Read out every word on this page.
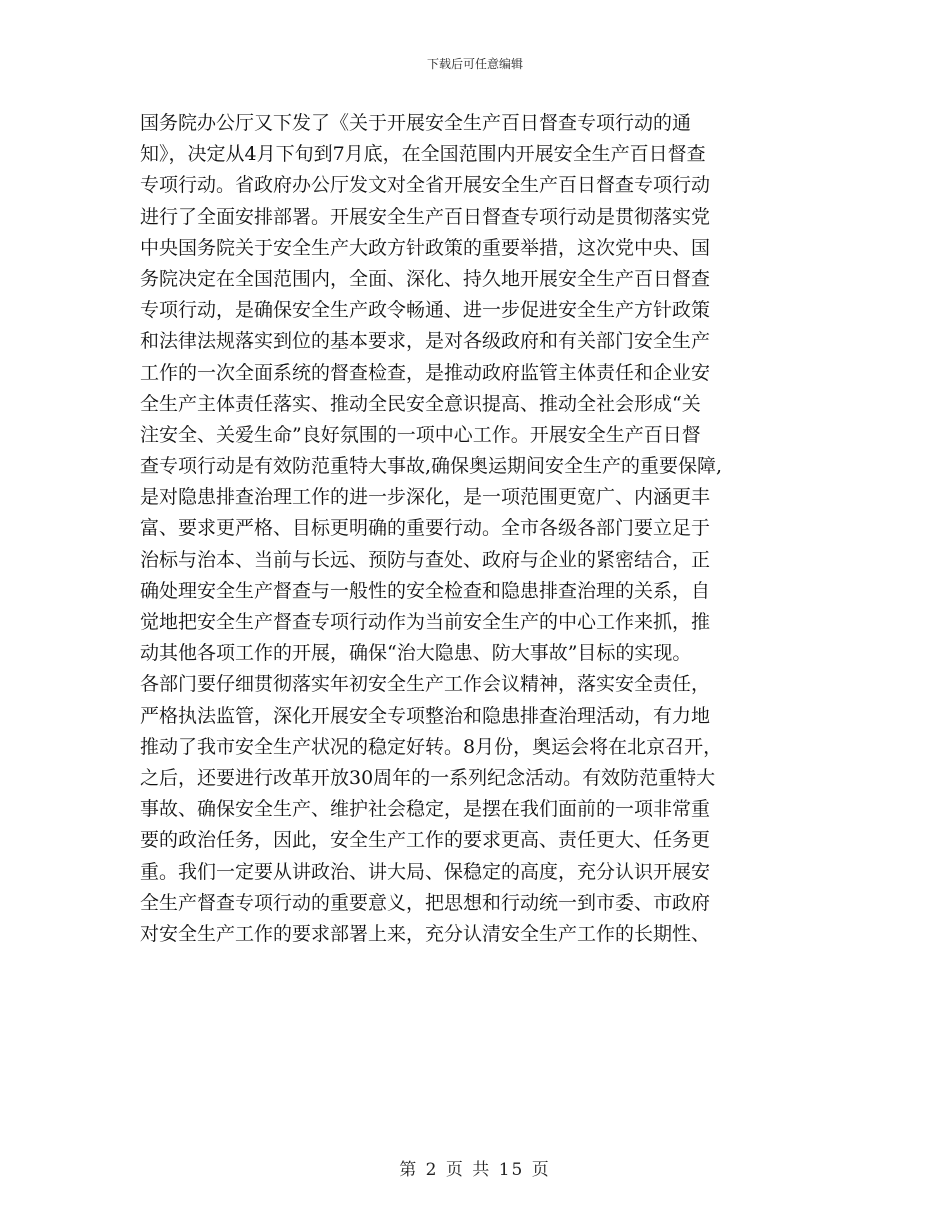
下载后可任意编辑
国务院办公厅又下发了《关于开展安全生产百日督查专项行动的通
知》，决定从4月下旬到7月底，在全国范围内开展安全生产百日督查
专项行动。省政府办公厅发文对全省开展安全生产百日督查专项行动
进行了全面安排部署。开展安全生产百日督查专项行动是贯彻落实党
中央国务院关于安全生产大政方针政策的重要举措，这次党中央、国
务院决定在全国范围内，全面、深化、持久地开展安全生产百日督查
专项行动，是确保安全生产政令畅通、进一步促进安全生产方针政策
和法律法规落实到位的基本要求，是对各级政府和有关部门安全生产
工作的一次全面系统的督查检查，是推动政府监管主体责任和企业安
全生产主体责任落实、推动全民安全意识提高、推动全社会形成“关
注安全、关爱生命”良好氛围的一项中心工作。开展安全生产百日督
查专项行动是有效防范重特大事故,确保奥运期间安全生产的重要保障,
是对隐患排查治理工作的进一步深化，是一项范围更宽广、内涵更丰
富、要求更严格、目标更明确的重要行动。全市各级各部门要立足于
治标与治本、当前与长远、预防与查处、政府与企业的紧密结合，正
确处理安全生产督查与一般性的安全检查和隐患排查治理的关系，自
觉地把安全生产督查专项行动作为当前安全生产的中心工作来抓，推
动其他各项工作的开展，确保“治大隐患、防大事故”目标的实现。
各部门要仔细贯彻落实年初安全生产工作会议精神，落实安全责任，
严格执法监管，深化开展安全专项整治和隐患排查治理活动，有力地
推动了我市安全生产状况的稳定好转。8月份，奥运会将在北京召开，
之后，还要进行改革开放30周年的一系列纪念活动。有效防范重特大
事故、确保安全生产、维护社会稳定，是摆在我们面前的一项非常重
要的政治任务，因此，安全生产工作的要求更高、责任更大、任务更
重。我们一定要从讲政治、讲大局、保稳定的高度，充分认识开展安
全生产督查专项行动的重要意义，把思想和行动统一到市委、市政府
对安全生产工作的要求部署上来，充分认清安全生产工作的长期性、
第 2 页 共 15 页
